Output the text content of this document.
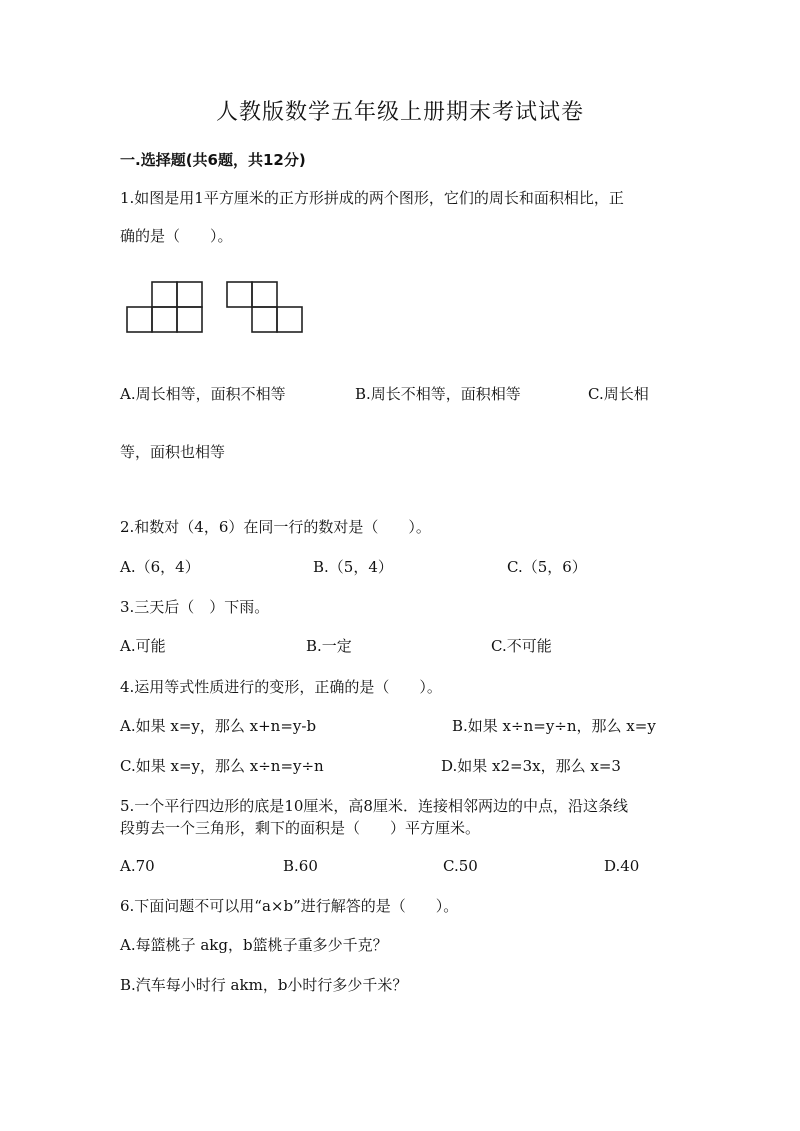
人教版数学五年级上册期末考试试卷
一.选择题(共6题，共12分)
1.如图是用1平方厘米的正方形拼成的两个图形，它们的周长和面积相比，正
确的是（　　）。
A.周长相等，面积不相等	B.周长不相等，面积相等	C.周长相
等，面积也相等
2.和数对（4，6）在同一行的数对是（　　）。
A.（6，4）	B.（5，4）	C.（5，6）
3.三天后（　）下雨。
A.可能	B.一定	C.不可能
4.运用等式性质进行的变形，正确的是（　　）。
A.如果 x=y，那么 x+n=y-b	B.如果 x÷n=y÷n，那么 x=y
C.如果 x=y，那么 x÷n=y÷n	D.如果 x2=3x，那么 x=3
5.一个平行四边形的底是10厘米，高8厘米．连接相邻两边的中点，沿这条线
段剪去一个三角形，剩下的面积是（　　）平方厘米。
A.70	B.60	C.50	D.40
6.下面问题不可以用“a×b”进行解答的是（　　）。
A.每篮桃子 akg，b篮桃子重多少千克？
B.汽车每小时行 akm，b小时行多少千米？
